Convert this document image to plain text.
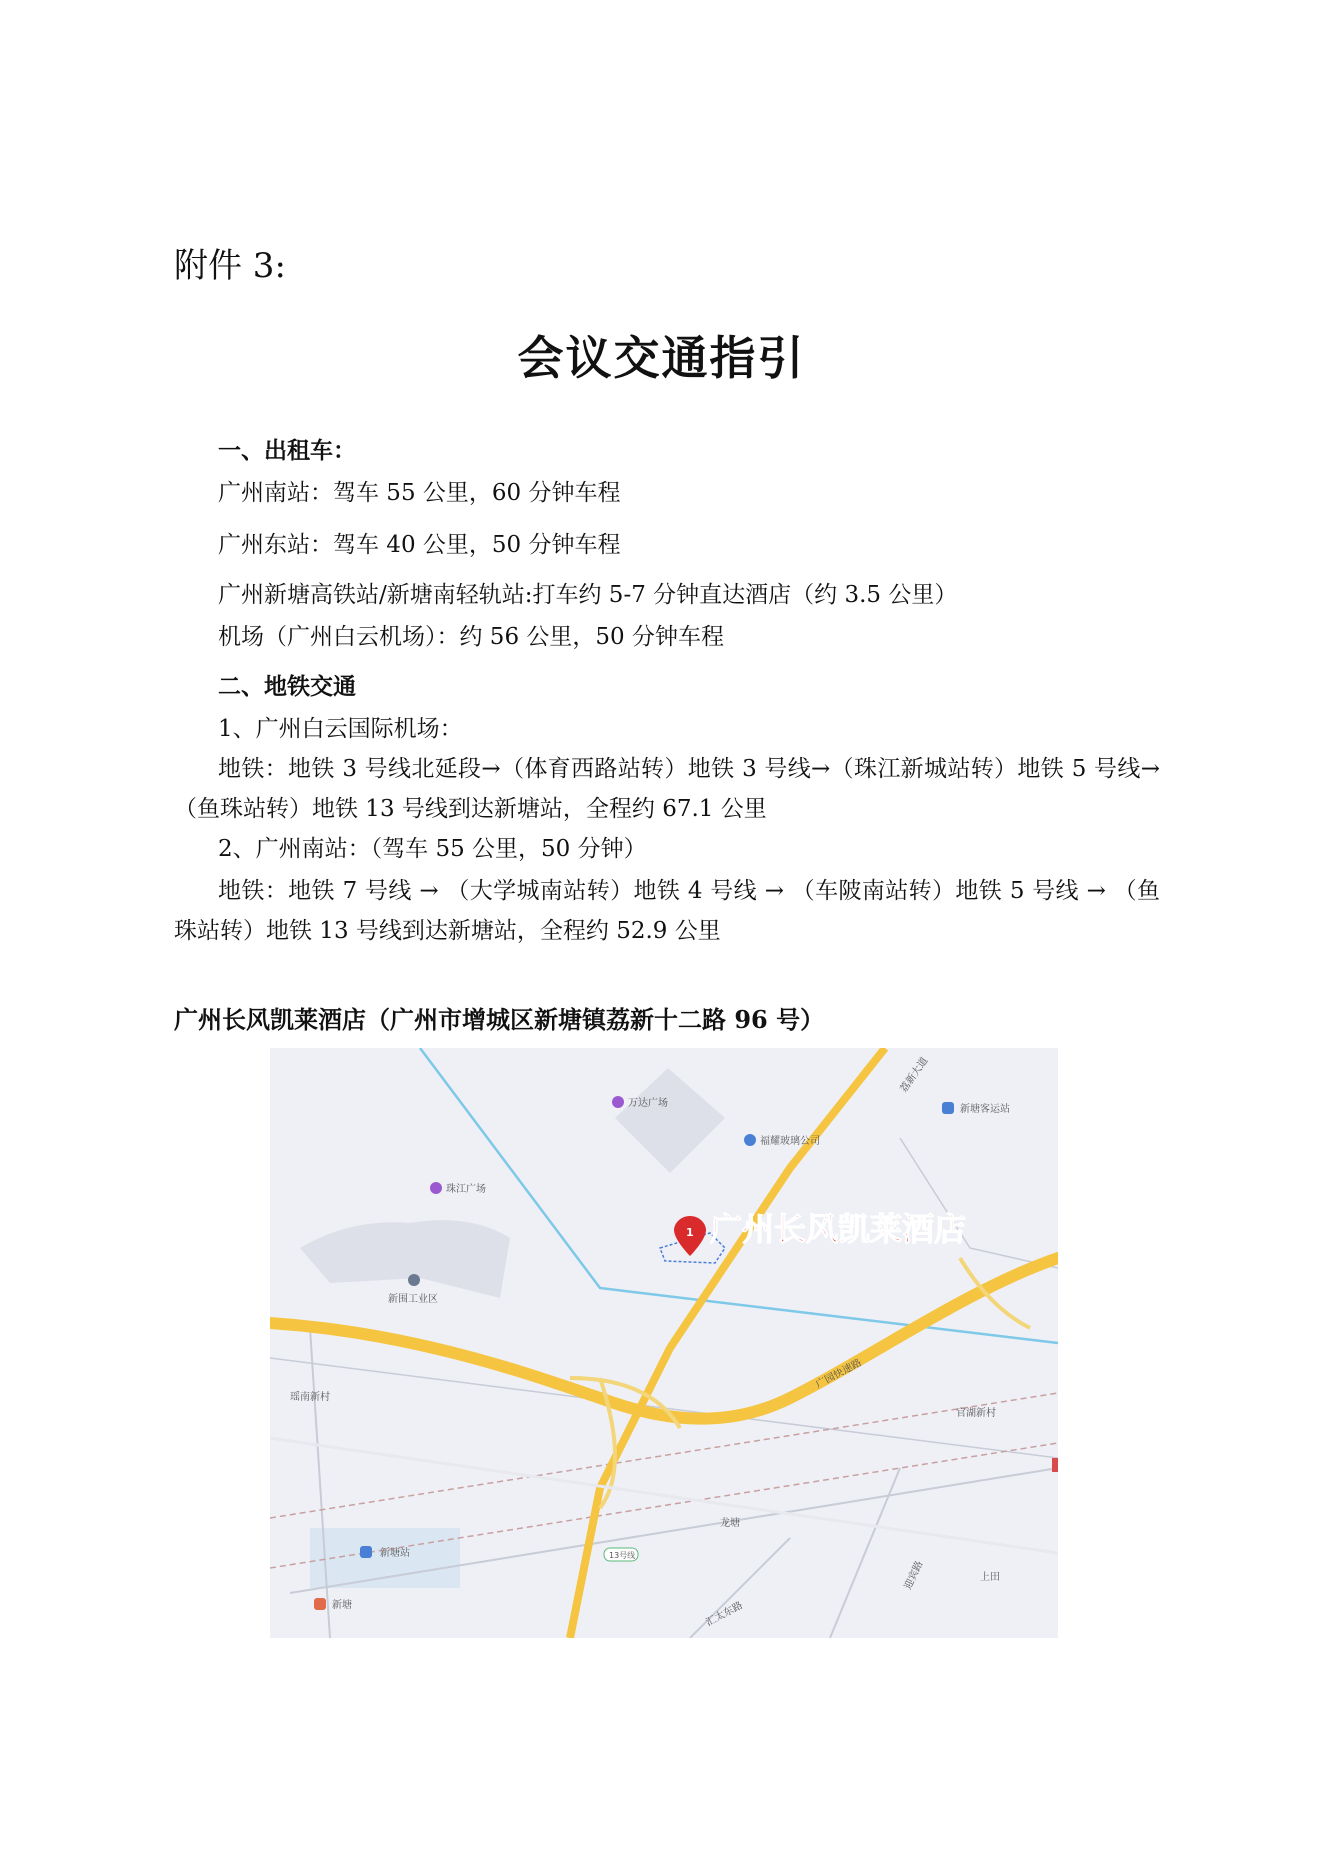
附件 3:
会议交通指引
一、出租车：
广州南站：驾车 55 公里，60 分钟车程
广州东站：驾车 40 公里，50 分钟车程
广州新塘高铁站/新塘南轻轨站:打车约 5-7 分钟直达酒店（约 3.5 公里）
机场（广州白云机场）：约 56 公里，50 分钟车程
二、地铁交通
1、广州白云国际机场：
地铁：地铁 3 号线北延段→（体育西路站转）地铁 3 号线→（珠江新城站转）地铁 5 号线→
（鱼珠站转）地铁 13 号线到达新塘站，全程约 67.1 公里
2、广州南站：（驾车 55 公里，50 分钟）
地铁：地铁 7 号线 → （大学城南站转）地铁 4 号线 → （车陂南站转）地铁 5 号线 → （鱼
珠站转）地铁 13 号线到达新塘站，全程约 52.9 公里
广州长风凯莱酒店（广州市增城区新塘镇荔新十二路 96 号）
万达广场
珠江广场
新围工业区
福耀玻璃公司
新塘客运站
新塘站
新塘
荔新大道
广园快速路
瑶南新村
官湖新村
龙塘
13号线
上田
汇太东路
迎宾路
1 广州长风凯莱酒店
